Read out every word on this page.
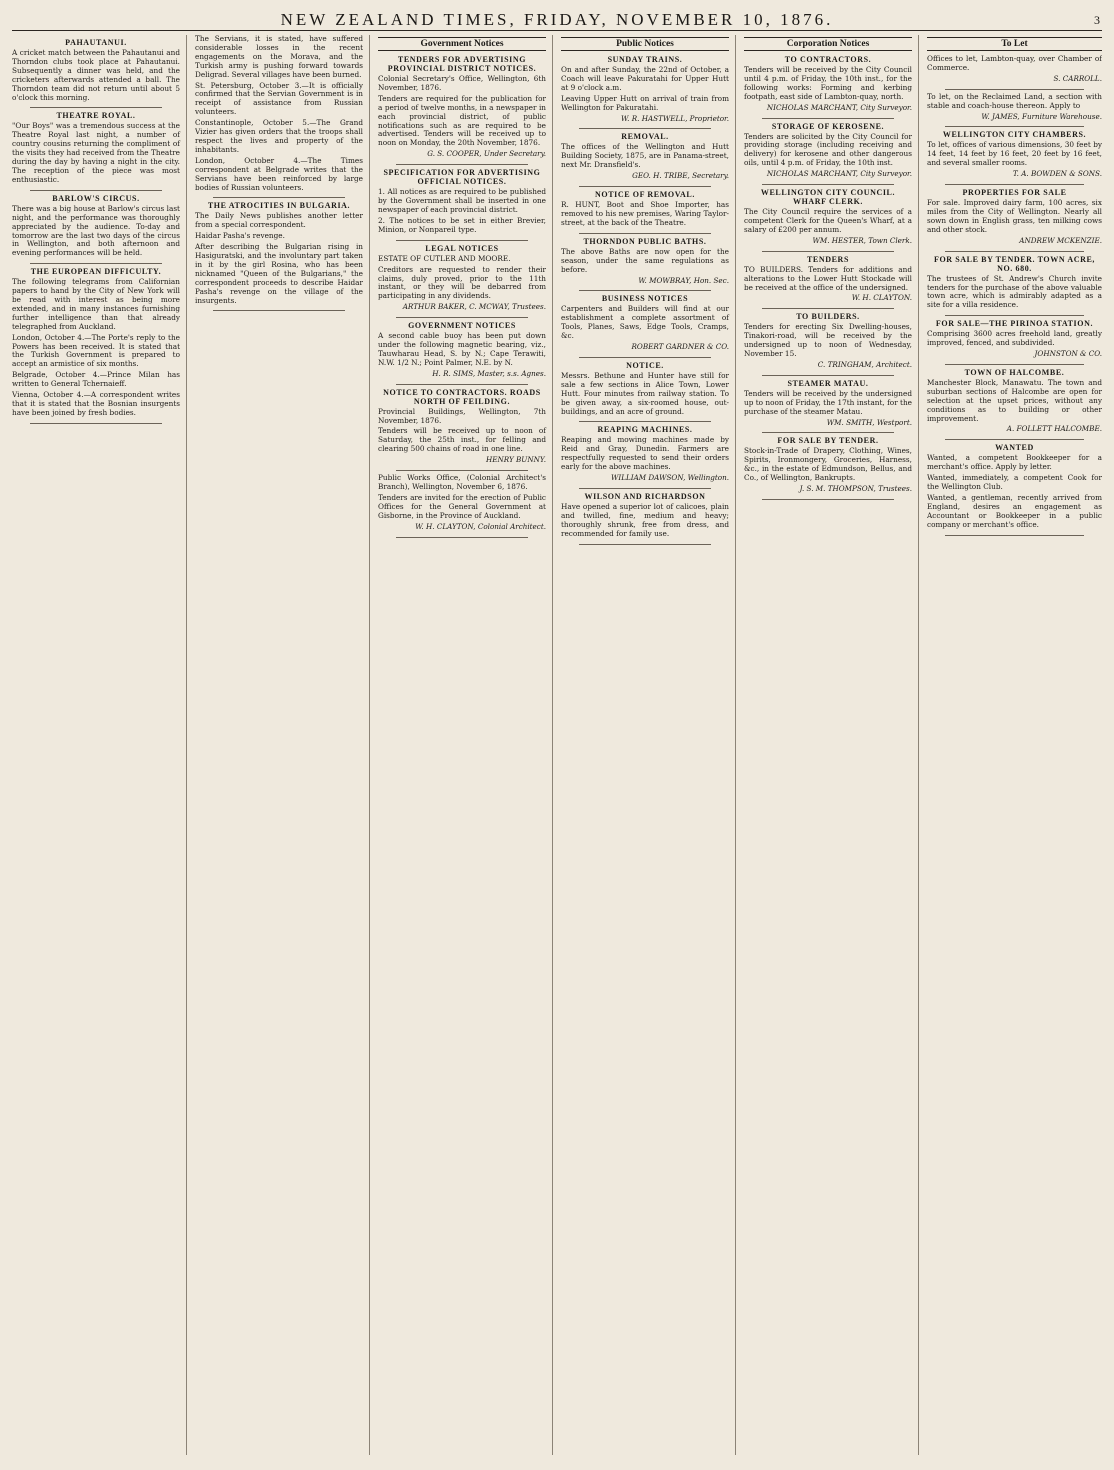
NEW ZEALAND TIMES, FRIDAY, NOVEMBER 10, 1876.	3
PAHAUTANUI.

A cricket match between the Pahautanui and Thorndon clubs took place at Pahautanui. Subsequently a dinner was held, and the cricketers afterwards attended a ball. The Thorndon team did not return until about 5 o'clock this morning.

THEATRE ROYAL.

"Our Boys" was a tremendous success at the Theatre Royal last night, a number of country cousins returning the compliment of the visits they had received from the Theatre during the day by having a night in the city. The reception of the piece was most enthusiastic.

BARLOW'S CIRCUS.

There was a big house at Barlow's circus last night, and the performance was thoroughly appreciated by the audience. To-day and tomorrow are the last two days of the circus in Wellington, and both afternoon and evening performances will be held.

THE EUROPEAN DIFFICULTY.

The following telegrams from Californian papers to hand by the City of New York will be read with interest as being more extended, and in many instances furnishing further intelligence than that already telegraphed from Auckland.

London, October 4.—The Porte's reply to the Powers has been received. It is stated that the Turkish Government is prepared to accept an armistice of six months.

Belgrade, October 4.—Prince Milan has written to General Tchernaieff.

Vienna, October 4.—A correspondent writes that it is stated that the Bosnian insurgents have been joined by fresh bodies.

The Servians, it is stated, have suffered considerable losses in the recent engagements on the Morava, and the Turkish army is pushing forward towards Deligrad. Several villages have been burned.

St. Petersburg, October 3.—It is officially confirmed that the Servian Government is in receipt of assistance from Russian volunteers.

Constantinople, October 5.—The Grand Vizier has given orders that the troops shall respect the lives and property of the inhabitants.

London, October 4.—The Times correspondent at Belgrade writes that the Servians have been reinforced by large bodies of Russian volunteers.

THE ATROCITIES IN BULGARIA.

The Daily News publishes another letter from a special correspondent.

Haidar Pasha's revenge.

After describing the Bulgarian rising in Hasiguratski, and the involuntary part taken in it by the girl Rosina, who has been nicknamed "Queen of the Bulgarians," the correspondent proceeds to describe Haidar Pasha's revenge on the village of the insurgents.

Government Notices
TENDERS FOR ADVERTISING PROVINCIAL DISTRICT NOTICES.

Colonial Secretary's Office, Wellington, 6th November, 1876.

Tenders are required for the publication for a period of twelve months, in a newspaper in each provincial district, of public notifications such as are required to be advertised. Tenders will be received up to noon on Monday, the 20th November, 1876.

G. S. COOPER, Under Secretary.

SPECIFICATION FOR ADVERTISING OFFICIAL NOTICES.

1. All notices as are required to be published by the Government shall be inserted in one newspaper of each provincial district.

2. The notices to be set in either Brevier, Minion, or Nonpareil type.

LEGAL NOTICES

ESTATE OF CUTLER AND MOORE.

Creditors are requested to render their claims, duly proved, prior to the 11th instant, or they will be debarred from participating in any dividends.

ARTHUR BAKER, C. MCWAY, Trustees.

GOVERNMENT NOTICES

A second cable buoy has been put down under the following magnetic bearing, viz., Tauwharau Head, S. by N.; Cape Terawiti, N.W. 1/2 N.; Point Palmer, N.E. by N.

H. R. SIMS, Master, s.s. Agnes.

NOTICE TO CONTRACTORS. ROADS NORTH OF FEILDING.

Provincial Buildings, Wellington, 7th November, 1876.

Tenders will be received up to noon of Saturday, the 25th inst., for felling and clearing 500 chains of road in one line.

HENRY BUNNY.

Public Works Office, (Colonial Architect's Branch), Wellington, November 6, 1876.

Tenders are invited for the erection of Public Offices for the General Government at Gisborne, in the Province of Auckland.

W. H. CLAYTON, Colonial Architect.

Public Notices
SUNDAY TRAINS.

On and after Sunday, the 22nd of October, a Coach will leave Pakuratahi for Upper Hutt at 9 o'clock a.m.

Leaving Upper Hutt on arrival of train from Wellington for Pakuratahi.

W. R. HASTWELL, Proprietor.

REMOVAL.

The offices of the Wellington and Hutt Building Society, 1875, are in Panama-street, next Mr. Dransfield's.

GEO. H. TRIBE, Secretary.

NOTICE OF REMOVAL.

R. HUNT, Boot and Shoe Importer, has removed to his new premises, Waring Taylor-street, at the back of the Theatre.

THORNDON PUBLIC BATHS.

The above Baths are now open for the season, under the same regulations as before.

W. MOWBRAY, Hon. Sec.

BUSINESS NOTICES

Carpenters and Builders will find at our establishment a complete assortment of Tools, Planes, Saws, Edge Tools, Cramps, &c.

ROBERT GARDNER & CO.

NOTICE.

Messrs. Bethune and Hunter have still for sale a few sections in Alice Town, Lower Hutt. Four minutes from railway station. To be given away, a six-roomed house, out-buildings, and an acre of ground.

REAPING MACHINES.

Reaping and mowing machines made by Reid and Gray, Dunedin. Farmers are respectfully requested to send their orders early for the above machines.

WILLIAM DAWSON, Wellington.

WILSON AND RICHARDSON

Have opened a superior lot of calicoes, plain and twilled, fine, medium and heavy; thoroughly shrunk, free from dress, and recommended for family use.

Corporation Notices
TO CONTRACTORS.

Tenders will be received by the City Council until 4 p.m. of Friday, the 10th inst., for the following works: Forming and kerbing footpath, east side of Lambton-quay, north.

NICHOLAS MARCHANT, City Surveyor.

STORAGE OF KEROSENE.

Tenders are solicited by the City Council for providing storage (including receiving and delivery) for kerosene and other dangerous oils, until 4 p.m. of Friday, the 10th inst.

NICHOLAS MARCHANT, City Surveyor.

WELLINGTON CITY COUNCIL. WHARF CLERK.

The City Council require the services of a competent Clerk for the Queen's Wharf, at a salary of £200 per annum.

WM. HESTER, Town Clerk.

TENDERS

TO BUILDERS. Tenders for additions and alterations to the Lower Hutt Stockade will be received at the office of the undersigned.

W. H. CLAYTON.

TO BUILDERS.

Tenders for erecting Six Dwelling-houses, Tinakori-road, will be received by the undersigned up to noon of Wednesday, November 15.

C. TRINGHAM, Architect.

STEAMER MATAU.

Tenders will be received by the undersigned up to noon of Friday, the 17th instant, for the purchase of the steamer Matau.

WM. SMITH, Westport.

FOR SALE BY TENDER.

Stock-in-Trade of Drapery, Clothing, Wines, Spirits, Ironmongery, Groceries, Harness, &c., in the estate of Edmundson, Bellus, and Co., of Wellington, Bankrupts.

J. S. M. THOMPSON, Trustees.

To Let

Offices to let, Lambton-quay, over Chamber of Commerce.

S. CARROLL.

To let, on the Reclaimed Land, a section with stable and coach-house thereon. Apply to

W. JAMES, Furniture Warehouse.

WELLINGTON CITY CHAMBERS.

To let, offices of various dimensions, 30 feet by 14 feet, 14 feet by 16 feet, 20 feet by 16 feet, and several smaller rooms.

T. A. BOWDEN & SONS.

PROPERTIES FOR SALE

For sale. Improved dairy farm, 100 acres, six miles from the City of Wellington. Nearly all sown down in English grass, ten milking cows and other stock.

ANDREW MCKENZIE.

FOR SALE BY TENDER. TOWN ACRE, NO. 680.

The trustees of St. Andrew's Church invite tenders for the purchase of the above valuable town acre, which is admirably adapted as a site for a villa residence.

FOR SALE—THE PIRINOA STATION.

Comprising 3600 acres freehold land, greatly improved, fenced, and subdivided.

JOHNSTON & CO.

TOWN OF HALCOMBE.

Manchester Block, Manawatu. The town and suburban sections of Halcombe are open for selection at the upset prices, without any conditions as to building or other improvement.

A. FOLLETT HALCOMBE.

WANTED

Wanted, a competent Bookkeeper for a merchant's office. Apply by letter.

Wanted, immediately, a competent Cook for the Wellington Club.

Wanted, a gentleman, recently arrived from England, desires an engagement as Accountant or Bookkeeper in a public company or merchant's office.
